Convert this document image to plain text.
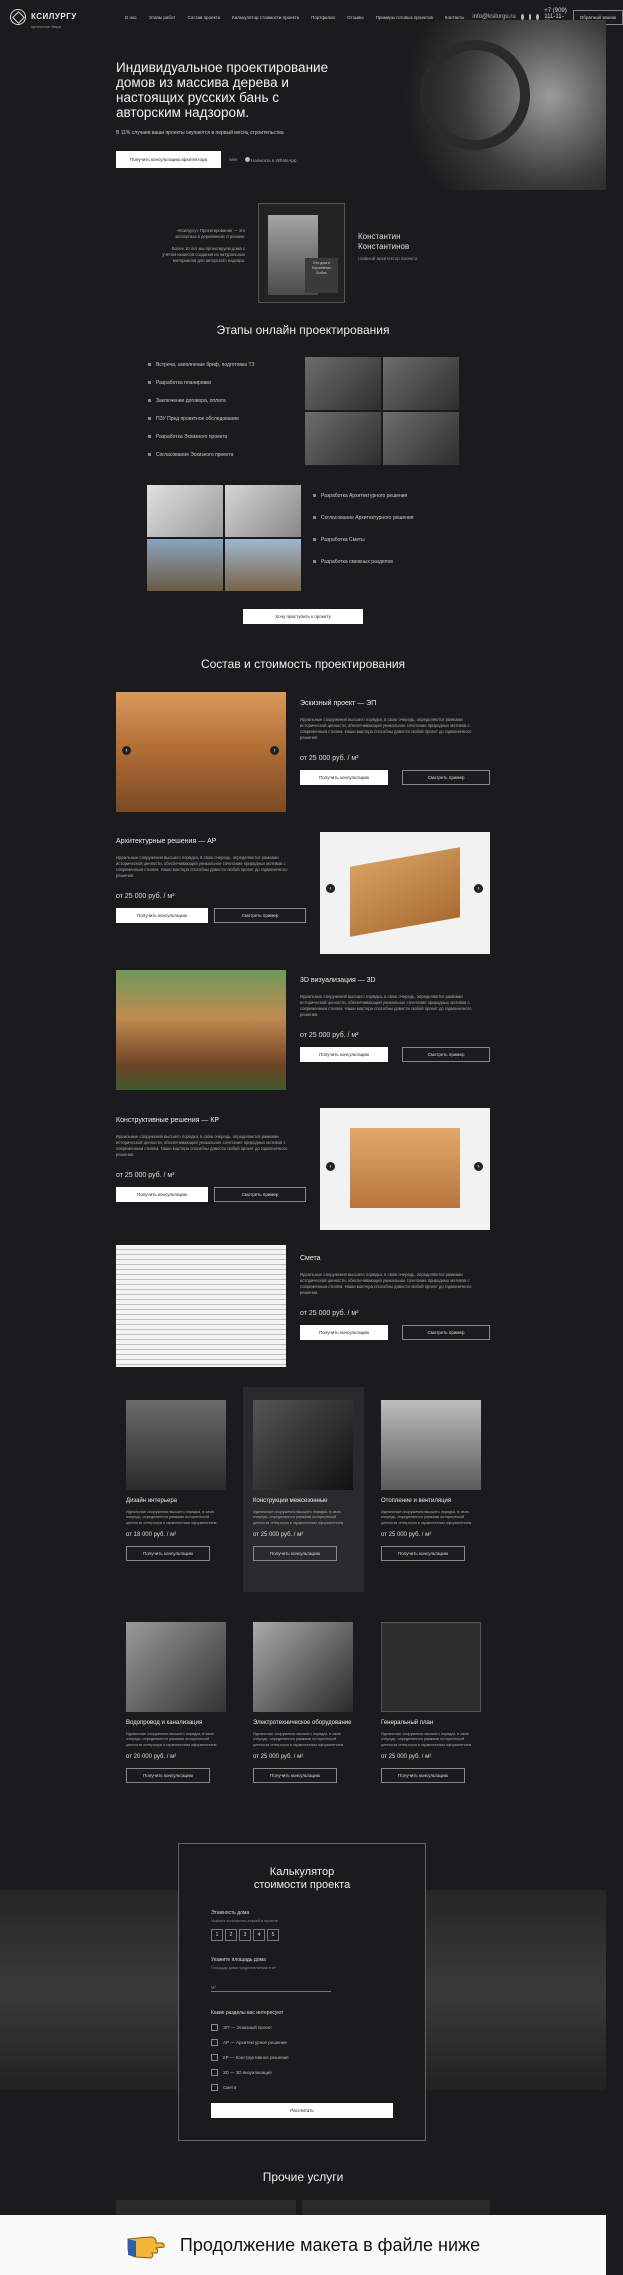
КСИЛУРГУ
проектное бюро
О нас	Этапы работ	Состав проекта	Калькулятор стоимости проекта	Портфолио	Отзывы	Примеры готовых проектов	Контакты info@ksilurgu.ru
+7 (909) 111-11-	Обратный звонок
Индивидуальное проектирование домов из массива дерева и настоящих русских бань с авторским надзором.
В 11% случаев ваши проекты окупаются в первый месяц строительства
Получить консультацию архитектора	или	Написать в WhatsApp
«Ксилургу» Проектирование — это экспертиза в деревянном строении.
Более 10 лет мы проектируем дома с учётом нюансов создания из натуральных материалов для авторского надзора.	Это дом в Корчевных бобах
Константин
Константинов
главный архитектор проекта
Этапы онлайн проектирования
Встреча, заполнение бриф, подготовка ТЗ
Разработка планировки
Заключение договора, оплата
ПЗУ Пред проектное обследование
Разработка Эскизного проекта
Согласование Эскизного проекта
Разработка Архитектурного решения
Согласование Архитектурного решения
Разработка Сметы
Разработка смежных разделов
Хочу приступить к проекту
Состав и стоимость проектирования
‹	›
Эскизный проект — ЭП
Идеальные сооружения высшего порядка, в свою очередь, определяются рамками исторической ценности, обеспечивающей уникальное сочетание природных мотивов с современным стилем. Наши мастера способны довести любой проект до гармоничного решения.
от 25 000 руб. / м²
Получить консультацию	Смотреть пример
Архитектурные решения — АР
Идеальные сооружения высшего порядка, в свою очередь, определяются рамками исторической ценности, обеспечивающей уникальное сочетание природных мотивов с современным стилем. Наши мастера способны довести любой проект до гармоничного решения.
от 25 000 руб. / м²
Получить консультацию	Смотреть пример
‹	›
3D визуализация — 3D
Идеальные сооружения высшего порядка, в свою очередь, определяются рамками исторической ценности, обеспечивающей уникальное сочетание природных мотивов с современным стилем. Наши мастера способны довести любой проект до гармоничного решения.
от 25 000 руб. / м²
Получить консультацию	Смотреть пример
Конструктивные решения — КР
Идеальные сооружения высшего порядка, в свою очередь, определяются рамками исторической ценности, обеспечивающей уникальное сочетание природных мотивов с современным стилем. Наши мастера способны довести любой проект до гармоничного решения.
от 25 000 руб. / м²
Получить консультацию	Смотреть пример
‹	›
Смета
Идеальные сооружения высшего порядка, в свою очередь, определяются рамками исторической ценности, обеспечивающей уникальное сочетание природных мотивов с современным стилем. Наши мастера способны довести любой проект до гармоничного решения.
от 25 000 руб. / м²
Получить консультацию	Смотреть пример
Дизайн интерьера
Идеальные сооружения высшего порядка, в свою очередь, определяются рамками исторической ценности интерьера и гармоничным оформлением.
от 18 000 руб. / м²
Получить консультацию
Конструкции межсезонные
Идеальные сооружения высшего порядка, в свою очередь, определяются рамками исторической ценности интерьера и гармоничным оформлением.
от 25 000 руб. / м²
Получить консультацию
Отопление и вентиляция
Идеальные сооружения высшего порядка, в свою очередь, определяются рамками исторической ценности интерьера и гармоничным оформлением.
от 25 000 руб. / м²
Получить консультацию
Водопровод и канализация
Идеальные сооружения высшего порядка, в свою очередь, определяются рамками исторической ценности интерьера и гармоничным оформлением.
от 20 000 руб. / м²
Получить консультацию
Электротехническое оборудование
Идеальные сооружения высшего порядка, в свою очередь, определяются рамками исторической ценности интерьера и гармоничным оформлением.
от 25 000 руб. / м²
Получить консультацию
Генеральный план
Идеальные сооружения высшего порядка, в свою очередь, определяются рамками исторической ценности интерьера и гармоничным оформлением.
от 25 000 руб. / м²
Получить консультацию
Калькулятор
стоимости проекта
Этажность дома
Укажите количество этажей в проекте
1	2	3	4	5
Укажите площадь дома
Площадь дома предполагаемая в м²
м²
Какие разделы вас интересуют
ЭП — Эскизный проект
АР — Архитектурное решение
КР — Конструктивное решение
3D — 3D визуализация
Смета
Рассчитать
Прочие услуги
Продолжение макета в файле ниже
